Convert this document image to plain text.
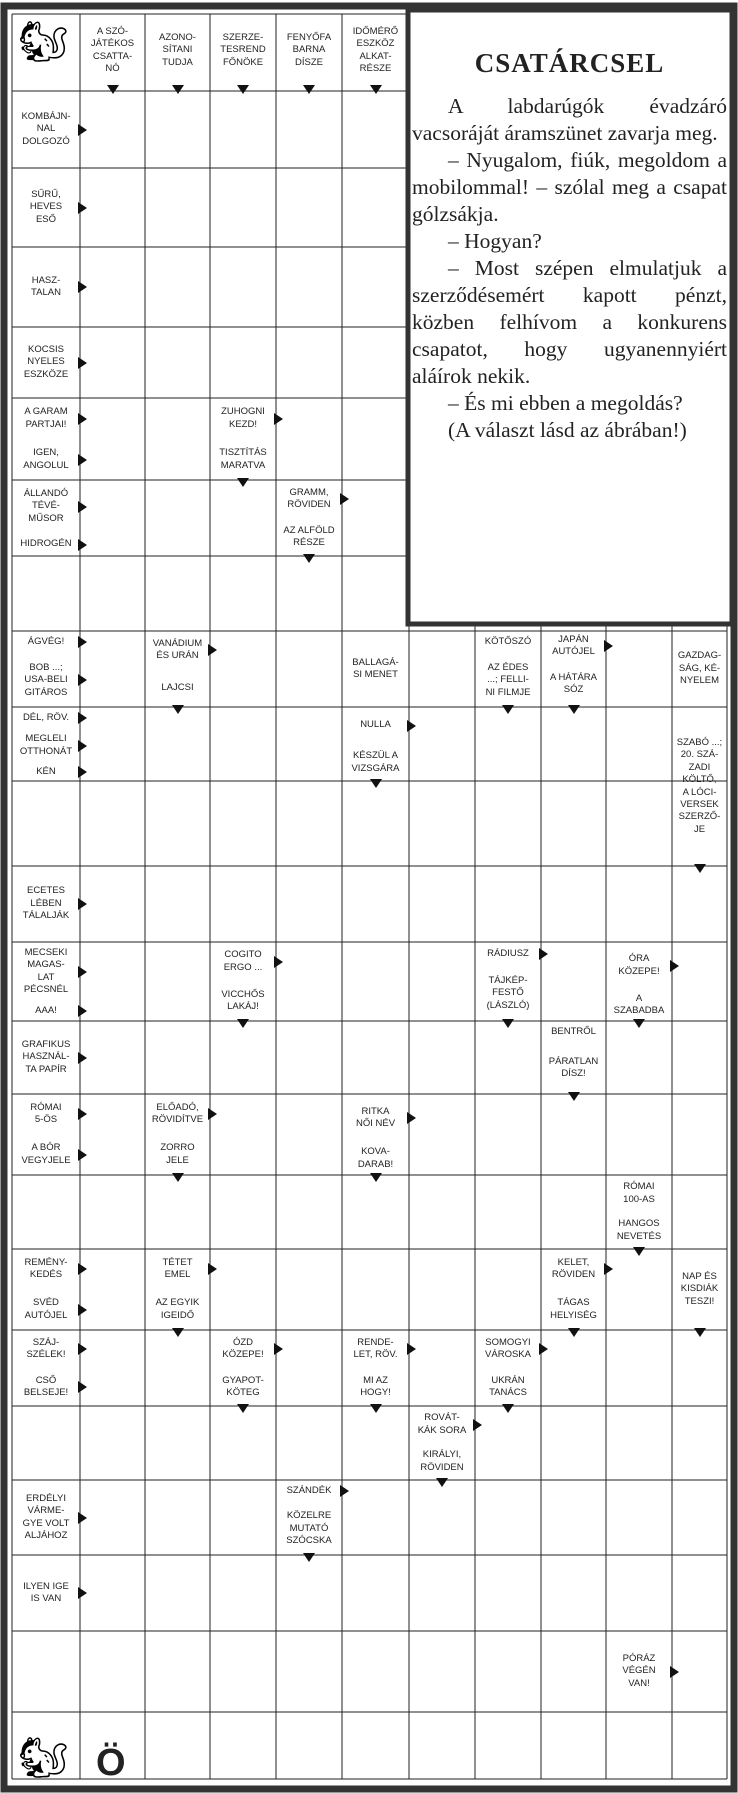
A SZÓ-
JÁTÉKOS
CSATTA-
NÓ
AZONO-
SÍTANI
TUDJA
SZERZE-
TESREND
FŐNÖKE
FENYŐFA
BARNA
DÍSZE
IDŐMÉRŐ
ESZKÖZ
ALKAT-
RÉSZE
KOMBÁJN-
NAL
DOLGOZÓ
SŰRŰ,
HEVES
ESŐ
HASZ-
TALAN
KOCSIS
NYELES
ESZKÖZE
A GARAM
PARTJAI!
IGEN,
ANGOLUL
ÁLLANDÓ
TÉVÉ-
MŰSOR
HIDROGÉN
ÁGVÉG!
BOB ...;
USA-BELI
GITÁROS
DÉL, RÖV.
MEGLELI
OTTHONÁT
KÉN
ECETES
LÉBEN
TÁLALJÁK
MECSEKI
MAGAS-
LAT
PÉCSNÉL
AAA!
GRAFIKUS
HASZNÁL-
TA PAPÍR
RÓMAI
5-ÖS
A BÓR
VEGYJELE
REMÉNY-
KEDÉS
SVÉD
AUTÓJEL
SZÁJ-
SZÉLEK!
CSŐ
BELSEJE!
ERDÉLYI
VÁRME-
GYE VOLT
ALJÁHOZ
ILYEN IGE
IS VAN
ZUHOGNI
KEZD!
TISZTÍTÁS
MARATVA
GRAMM,
RÖVIDEN
AZ ALFÖLD
RÉSZE
VANÁDIUM
ÉS URÁN
LAJCSI
BALLAGÁ-
SI MENET
NULLA
KÉSZÜL A
VIZSGÁRA
KÖTŐSZÓ
AZ ÉDES
...; FELLI-
NI FILMJE
JAPÁN
AUTÓJEL
A HÁTÁRA
SÓZ
GAZDAG-
SÁG, KÉ-
NYELEM
SZABÓ ...;
20. SZÁ-
ZADI
KÖLTŐ,
A LÓCI-
VERSEK
SZERZŐ-
JE
COGITO
ERGO ...
VICCHŐS
LAKÁJ!
RÁDIUSZ
TÁJKÉP-
FESTŐ
(LÁSZLÓ)
ÓRA
KÖZEPE!
A
SZABADBA
BENTRŐL
PÁRATLAN
DÍSZ!
ELŐADÓ,
RÖVIDÍTVE
ZORRO
JELE
RITKA
NŐI NÉV
KOVA-
DARAB!
RÓMAI
100-AS
HANGOS
NEVETÉS
TÉTET
EMEL
AZ EGYIK
IGEIDŐ
KELET,
RÖVIDEN
TÁGAS
HELYISÉG
NAP ÉS
KISDIÁK
TESZI!
ÓZD
KÖZEPE!
GYAPOT-
KÖTEG
RENDE-
LET, RÖV.
MI AZ
HOGY!
SOMOGYI
VÁROSKA
UKRÁN
TANÁCS
ROVÁT-
KÁK SORA
KIRÁLYI,
RÖVIDEN
SZÁNDÉK
KÖZELRE
MUTATÓ
SZÓCSKA
PÓRÁZ
VÉGÉN
VAN!
CSATÁRCSEL

A labdarúgók évadzáró vacsoráját áramszünet zavarja meg.

– Nyugalom, fiúk, megoldom a mobilommal! – szólal meg a csapat gólzsákja.

– Hogyan?

– Most szépen elmulatjuk a szerződésemért kapott pénzt, közben felhívom a konkurens csapatot, hogy ugyanennyiért aláírok nekik.

– És mi ebben a megoldás?

(A választ lásd az ábrában!)

🐿
🐿 Ö
